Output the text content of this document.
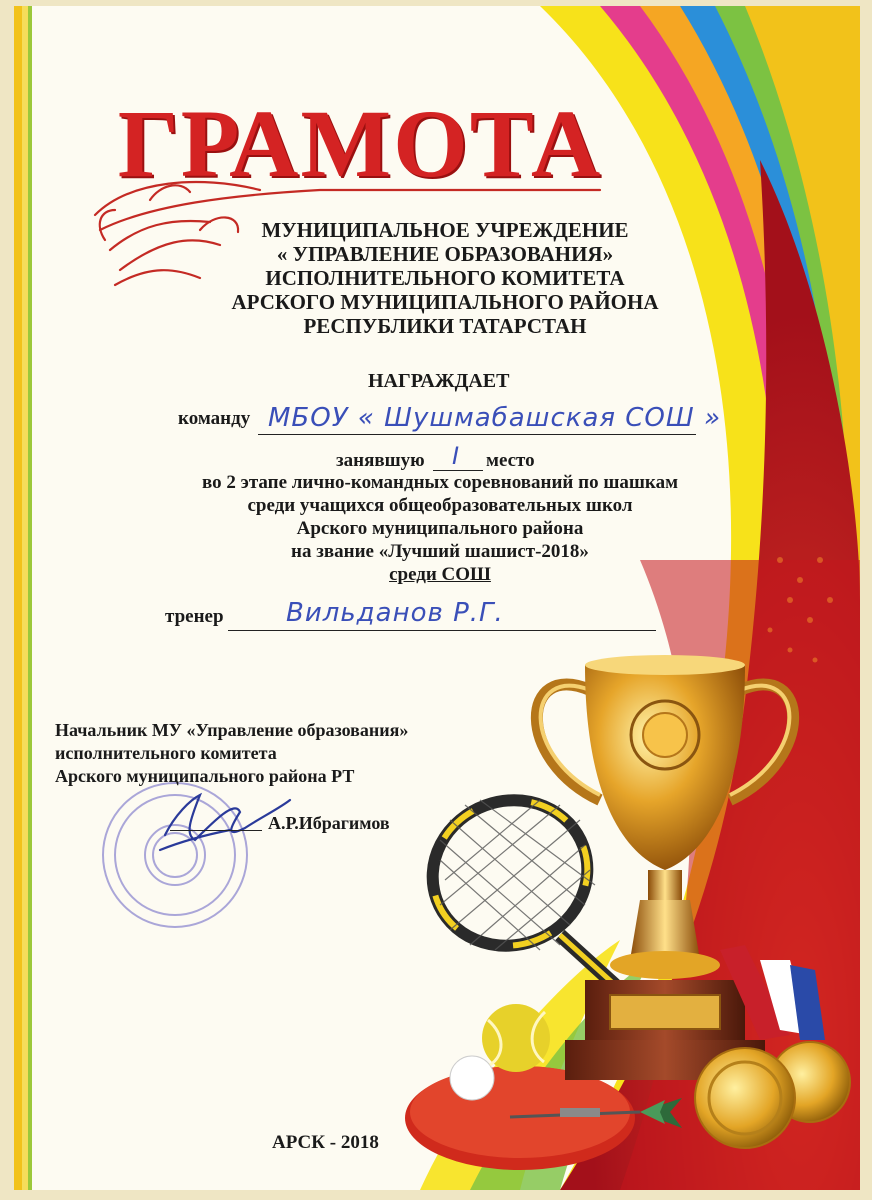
ГРАМОТА
МУНИЦИПАЛЬНОЕ УЧРЕЖДЕНИЕ
« УПРАВЛЕНИЕ ОБРАЗОВАНИЯ»
ИСПОЛНИТЕЛЬНОГО КОМИТЕТА
АРСКОГО МУНИЦИПАЛЬНОГО РАЙОНА
РЕСПУБЛИКИ ТАТАРСТАН
НАГРАЖДАЕТ
команду МБОУ « Шушмабашская СОШ »
занявшую I место
во 2 этапе лично-командных соревнований по шашкам
среди учащихся общеобразовательных школ
Арского муниципального района
на звание «Лучший шашист-2018»
среди СОШ
тренер Вильданов Р.Г.
Начальник МУ «Управление образования»
исполнительного комитета
Арского муниципального района РТ
А.Р.Ибрагимов
АРСК - 2018
